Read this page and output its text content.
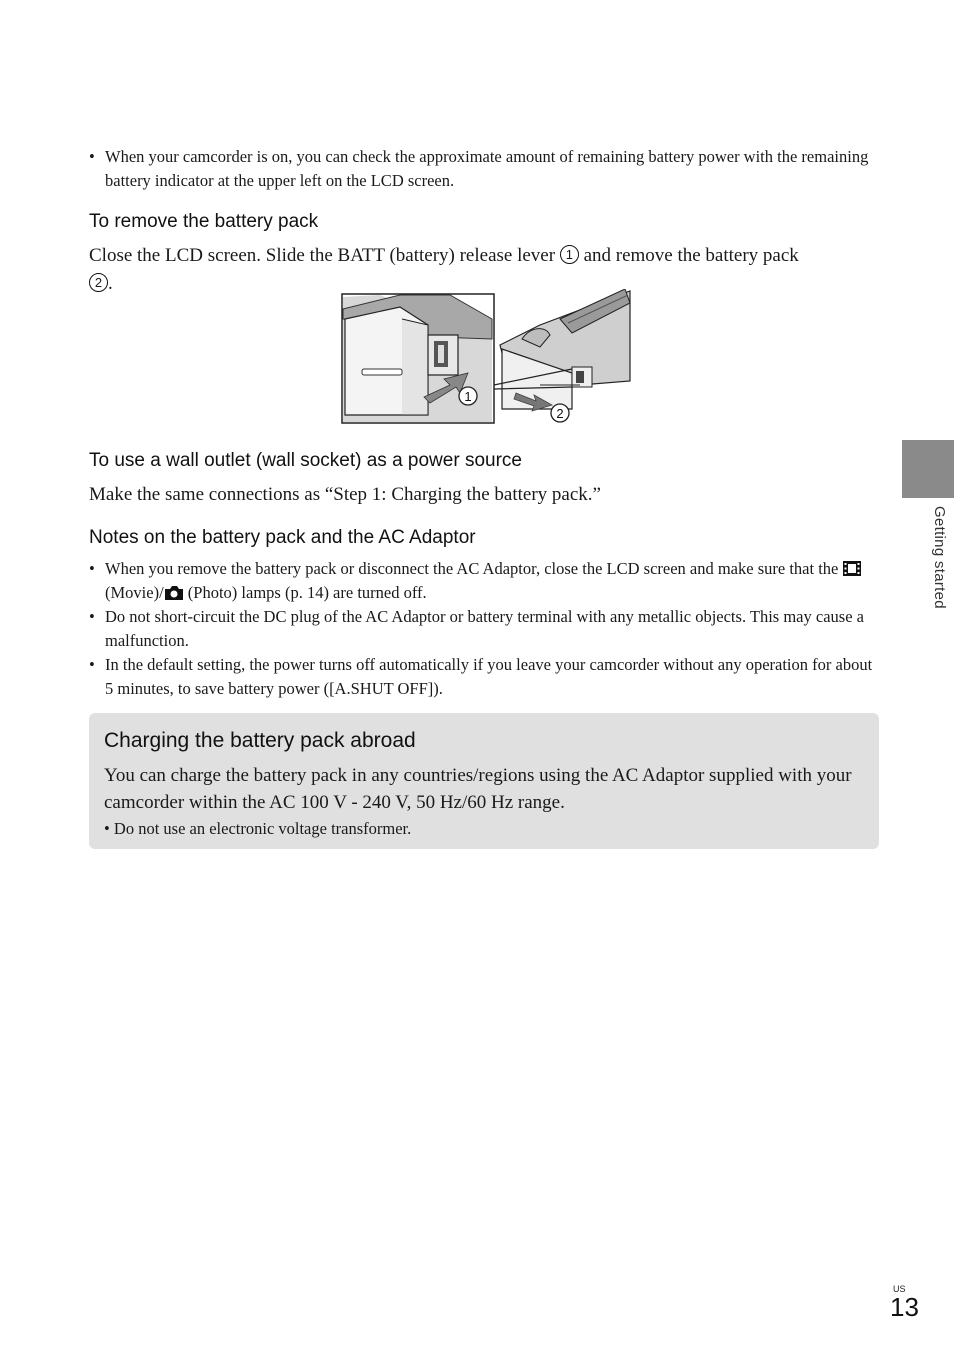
• When your camcorder is on, you can check the approximate amount of remaining battery power with the remaining battery indicator at the upper left on the LCD screen.
To remove the battery pack

Close the LCD screen. Slide the BATT (battery) release lever 1 and remove the battery pack
2 .

1
2
To use a wall outlet (wall socket) as a power source

Make the same connections as “Step 1: Charging the battery pack.”

Notes on the battery pack and the AC Adaptor
• When you remove the battery pack or disconnect the AC Adaptor, close the LCD screen and make sure that the  (Movie)/ (Photo) lamps (p. 14) are turned off.
• Do not short-circuit the DC plug of the AC Adaptor or battery terminal with any metallic objects. This may cause a malfunction.
• In the default setting, the power turns off automatically if you leave your camcorder without any operation for about 5 minutes, to save battery power ([A.SHUT OFF]).
Charging the battery pack abroad

You can charge the battery pack in any countries/regions using the AC Adaptor supplied with your camcorder within the AC 100 V - 240 V, 50 Hz/60 Hz range.

• Do not use an electronic voltage transformer.
Getting started
US
13
